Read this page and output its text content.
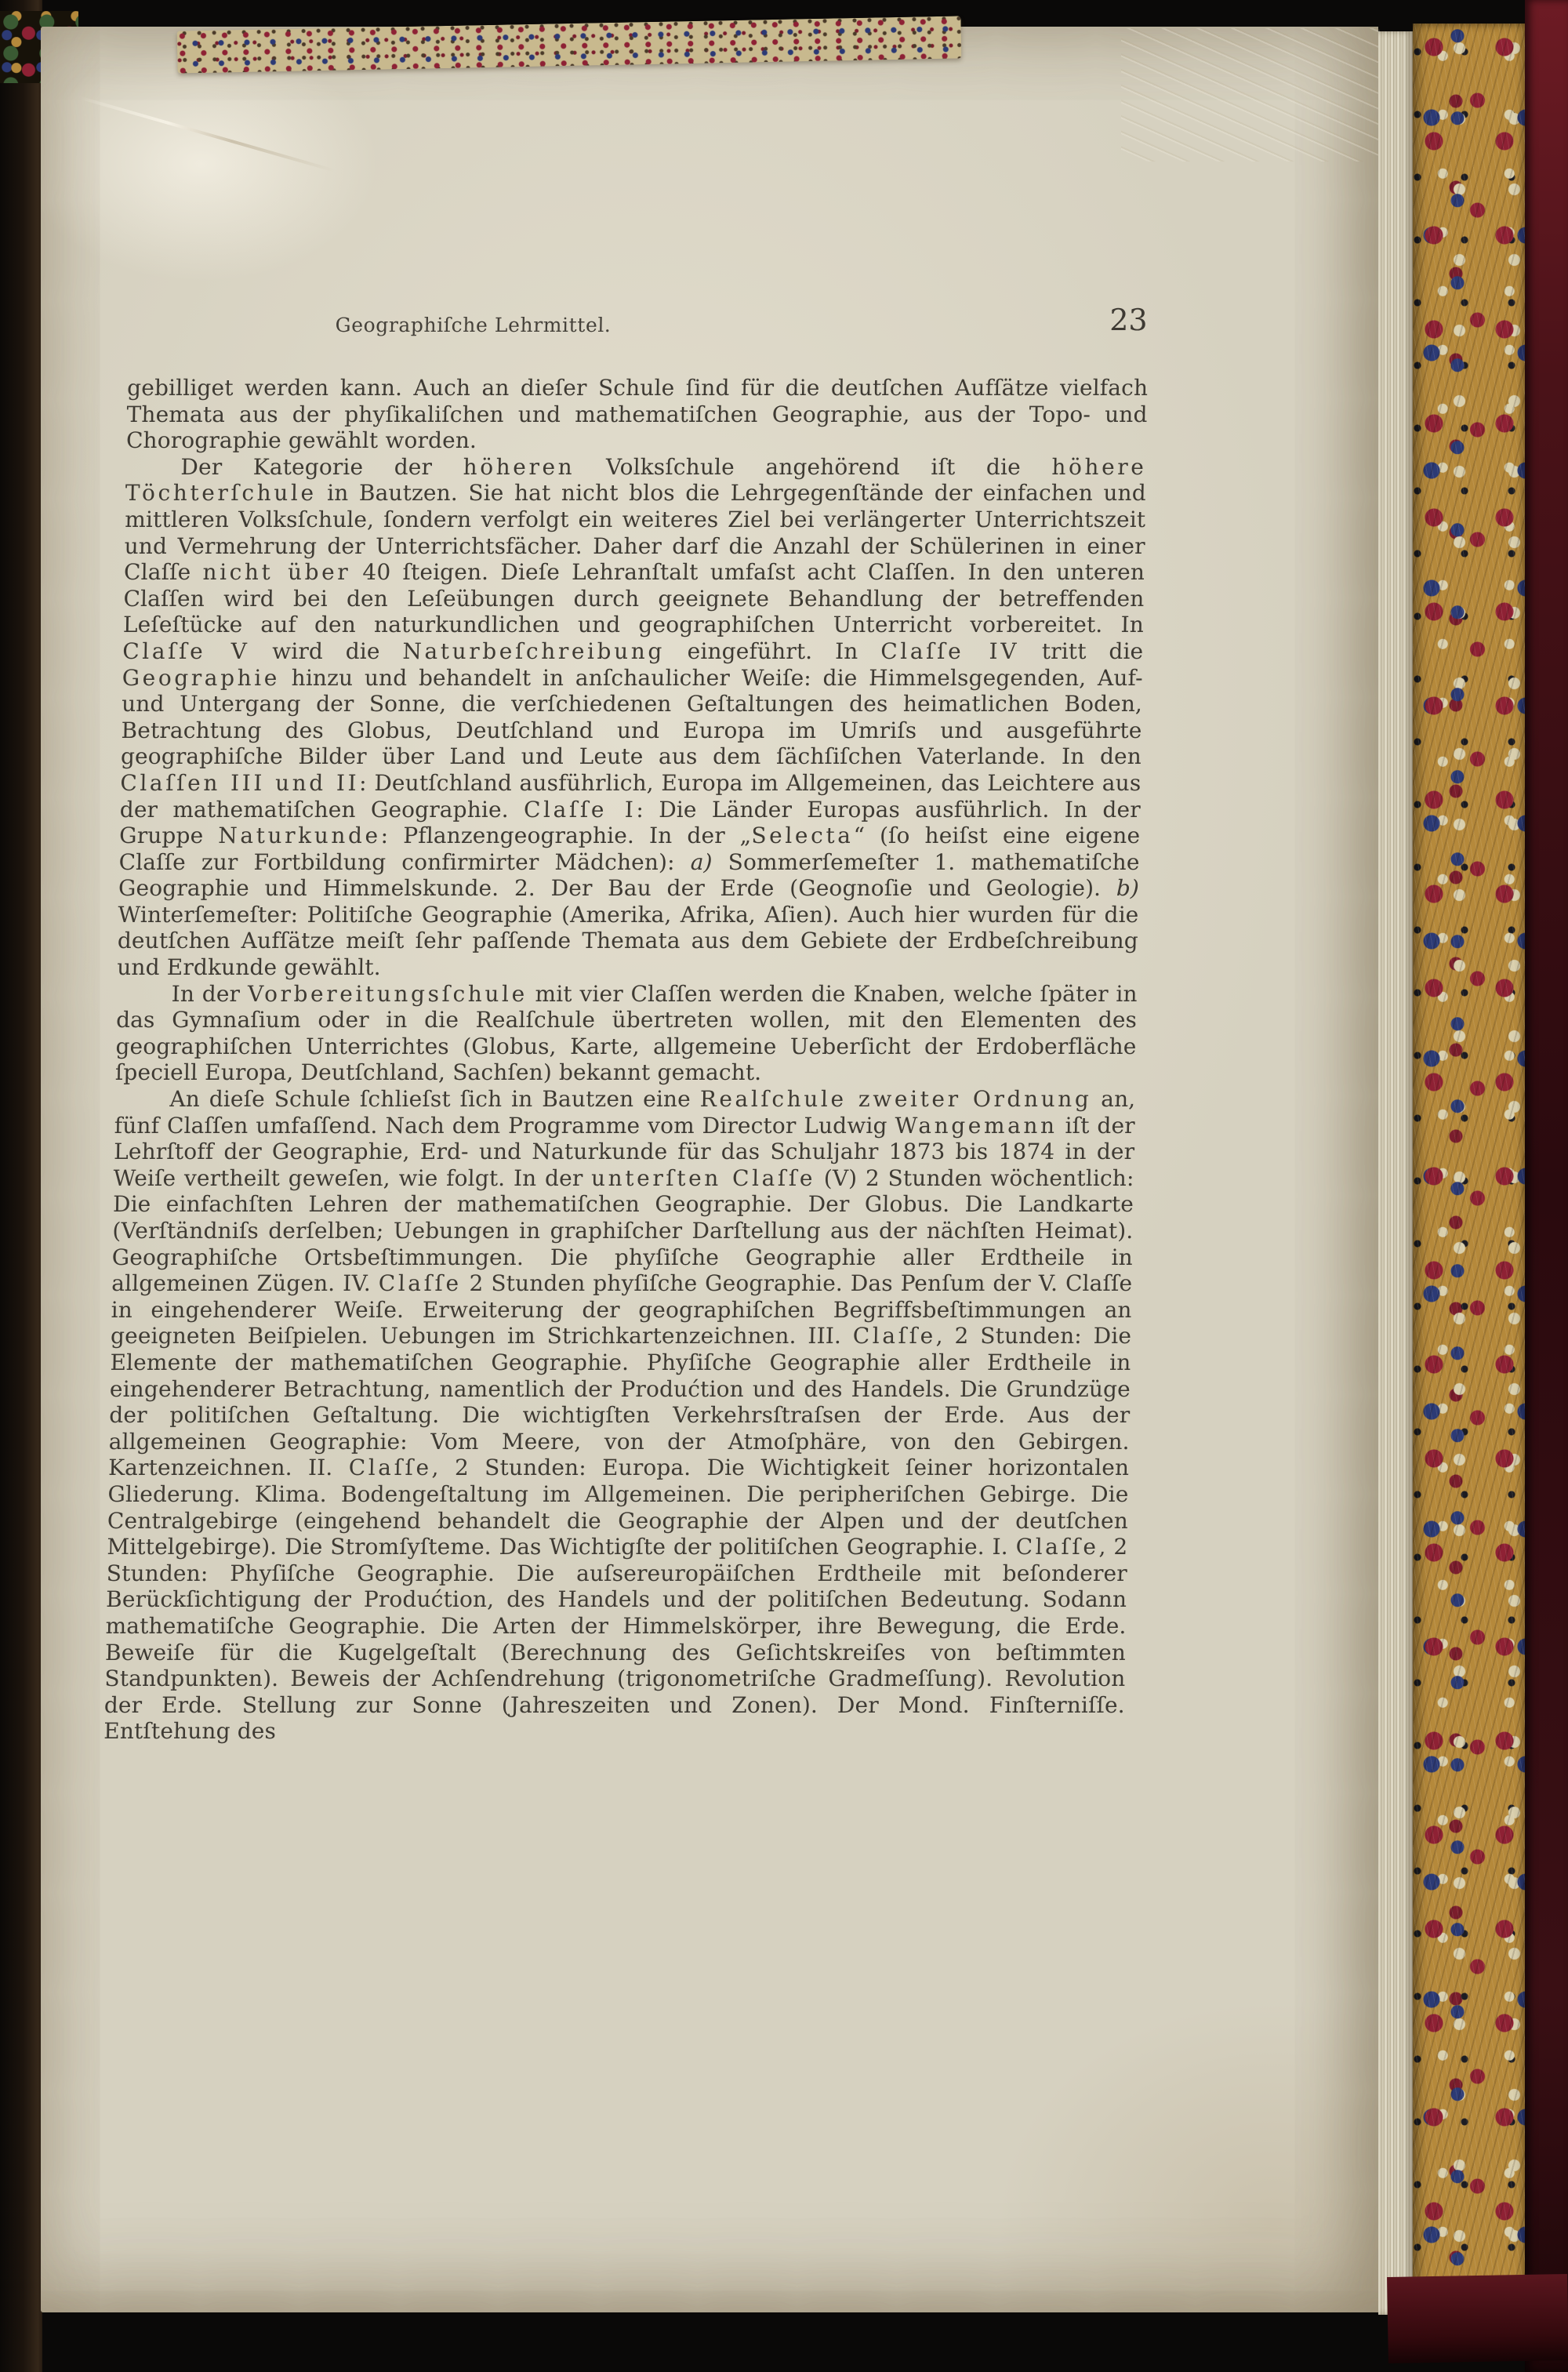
Geographiſche Lehrmittel.	23

gebilliget werden kann. Auch an dieſer Schule ſind für die deutſchen Aufſätze vielfach Themata aus der phyſikaliſchen und mathematiſchen Geographie, aus der Topo- und Chorographie gewählt worden.

Der Kategorie der höheren Volksſchule angehörend iſt die höhere Töchterſchule in Bautzen. Sie hat nicht blos die Lehrgegenſtände der einfachen und mittleren Volksſchule, ſondern verfolgt ein weiteres Ziel bei verlängerter Unterrichtszeit und Vermehrung der Unterrichtsfächer. Daher darf die Anzahl der Schülerinen in einer Claſſe nicht über 40 ſteigen. Dieſe Lehranſtalt umfaſst acht Claſſen. In den unteren Claſſen wird bei den Leſeübungen durch geeignete Behandlung der betreffenden Leſeſtücke auf den naturkundlichen und geographiſchen Unterricht vorbereitet. In Claſſe V wird die Naturbeſchreibung eingeführt. In Claſſe IV tritt die Geographie hinzu und behandelt in anſchaulicher Weiſe: die Himmelsgegenden, Auf- und Untergang der Sonne, die verſchiedenen Geſtaltungen des heimatlichen Boden, Betrachtung des Globus, Deutſchland und Europa im Umriſs und ausgeführte geographiſche Bilder über Land und Leute aus dem ſächſiſchen Vaterlande. In den Claſſen III und II: Deutſchland ausführlich, Europa im Allgemeinen, das Leichtere aus der mathematiſchen Geographie. Claſſe I: Die Länder Europas ausführlich. In der Gruppe Naturkunde: Pflanzengeographie. In der „Selecta“ (ſo heiſst eine eigene Claſſe zur Fortbildung confirmirter Mädchen): a) Sommerſemeſter 1. mathematiſche Geographie und Himmelskunde. 2. Der Bau der Erde (Geognoſie und Geologie). b) Winterſemeſter: Politiſche Geographie (Amerika, Afrika, Aſien). Auch hier wurden für die deutſchen Aufſätze meiſt ſehr paſſende Themata aus dem Gebiete der Erdbeſchreibung und Erdkunde gewählt.

In der Vorbereitungsſchule mit vier Claſſen werden die Knaben, welche ſpäter in das Gymnaſium oder in die Realſchule übertreten wollen, mit den Elementen des geographiſchen Unterrichtes (Globus, Karte, allgemeine Ueberſicht der Erdoberfläche ſpeciell Europa, Deutſchland, Sachſen) bekannt gemacht.

An dieſe Schule ſchlieſst ſich in Bautzen eine Realſchule zweiter Ordnung an, fünf Claſſen umfaſſend. Nach dem Programme vom Director Ludwig Wangemann iſt der Lehrſtoff der Geographie, Erd- und Naturkunde für das Schuljahr 1873 bis 1874 in der Weiſe vertheilt geweſen, wie folgt. In der unterſten Claſſe (V) 2 Stunden wöchentlich: Die einfachſten Lehren der mathematiſchen Geographie. Der Globus. Die Landkarte (Verſtändniſs derſelben; Uebungen in graphiſcher Darſtellung aus der nächſten Heimat). Geographiſche Ortsbeſtimmungen. Die phyſiſche Geographie aller Erdtheile in allgemeinen Zügen. IV. Claſſe 2 Stunden phyſiſche Geographie. Das Penſum der V. Claſſe in eingehenderer Weiſe. Erweiterung der geographiſchen Begriffsbeſtimmungen an geeigneten Beiſpielen. Uebungen im Strichkartenzeichnen. III. Claſſe, 2 Stunden: Die Elemente der mathematiſchen Geographie. Phyſiſche Geographie aller Erdtheile in eingehenderer Betrachtung, namentlich der Produćtion und des Handels. Die Grundzüge der politiſchen Geſtaltung. Die wichtigſten Verkehrsſtraſsen der Erde. Aus der allgemeinen Geographie: Vom Meere, von der Atmoſphäre, von den Gebirgen. Kartenzeichnen. II. Claſſe, 2 Stunden: Europa. Die Wichtigkeit ſeiner horizontalen Gliederung. Klima. Bodengeſtaltung im Allgemeinen. Die peripheriſchen Gebirge. Die Centralgebirge (eingehend behandelt die Geographie der Alpen und der deutſchen Mittelgebirge). Die Stromſyſteme. Das Wichtigſte der politiſchen Geographie. I. Claſſe, 2 Stunden: Phyſiſche Geographie. Die auſsereuropäiſchen Erdtheile mit beſonderer Berückſichtigung der Produćtion, des Handels und der politiſchen Bedeutung. Sodann mathematiſche Geographie. Die Arten der Himmelskörper, ihre Bewegung, die Erde. Beweiſe für die Kugelgeſtalt (Berechnung des Geſichtskreiſes von beſtimmten Standpunkten). Beweis der Achſendrehung (trigonometriſche Gradmeſſung). Revolution der Erde. Stellung zur Sonne (Jahreszeiten und Zonen). Der Mond. Finſterniſſe. Entſtehung des
